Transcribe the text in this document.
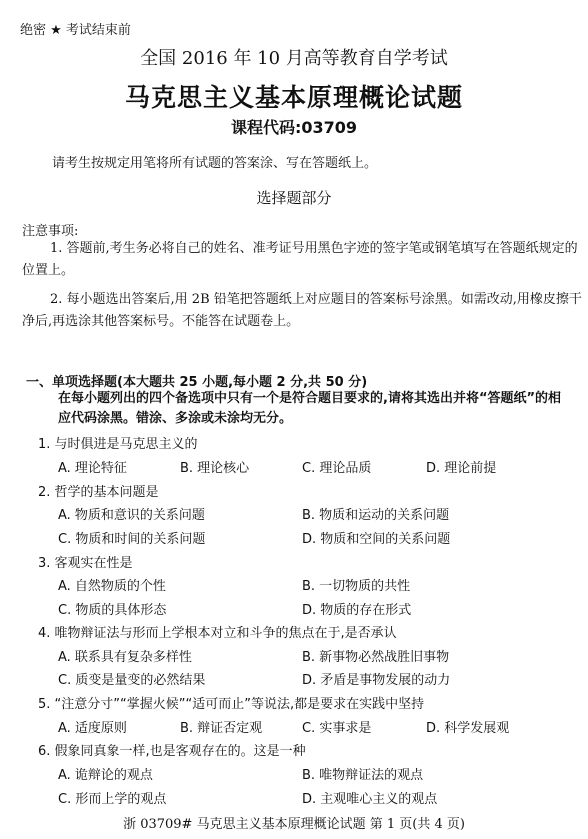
绝密 ★ 考试结束前
全国 2016 年 10 月高等教育自学考试
马克思主义基本原理概论试题
课程代码:03709
请考生按规定用笔将所有试题的答案涂、写在答题纸上。
选择题部分
注意事项:
1. 答题前,考生务必将自己的姓名、准考证号用黑色字迹的签字笔或钢笔填写在答题纸规定的位置上。
2. 每小题选出答案后,用 2B 铅笔把答题纸上对应题目的答案标号涂黑。如需改动,用橡皮擦干净后,再选涂其他答案标号。不能答在试题卷上。
一、单项选择题(本大题共 25 小题,每小题 2 分,共 50 分)
在每小题列出的四个备选项中只有一个是符合题目要求的,请将其选出并将“答题纸”的相应代码涂黑。错涂、多涂或未涂均无分。
1. 与时俱进是马克思主义的
A. 理论特征	B. 理论核心	C. 理论品质	D. 理论前提
2. 哲学的基本问题是
A. 物质和意识的关系问题	B. 物质和运动的关系问题
C. 物质和时间的关系问题	D. 物质和空间的关系问题
3. 客观实在性是
A. 自然物质的个性	B. 一切物质的共性
C. 物质的具体形态	D. 物质的存在形式
4. 唯物辩证法与形而上学根本对立和斗争的焦点在于,是否承认
A. 联系具有复杂多样性	B. 新事物必然战胜旧事物
C. 质变是量变的必然结果	D. 矛盾是事物发展的动力
5. “注意分寸”“掌握火候”“适可而止”等说法,都是要求在实践中坚持
A. 适度原则	B. 辩证否定观	C. 实事求是	D. 科学发展观
6. 假象同真象一样,也是客观存在的。这是一种
A. 诡辩论的观点	B. 唯物辩证法的观点
C. 形而上学的观点	D. 主观唯心主义的观点
浙 03709# 马克思主义基本原理概论试题 第 1 页(共 4 页)
